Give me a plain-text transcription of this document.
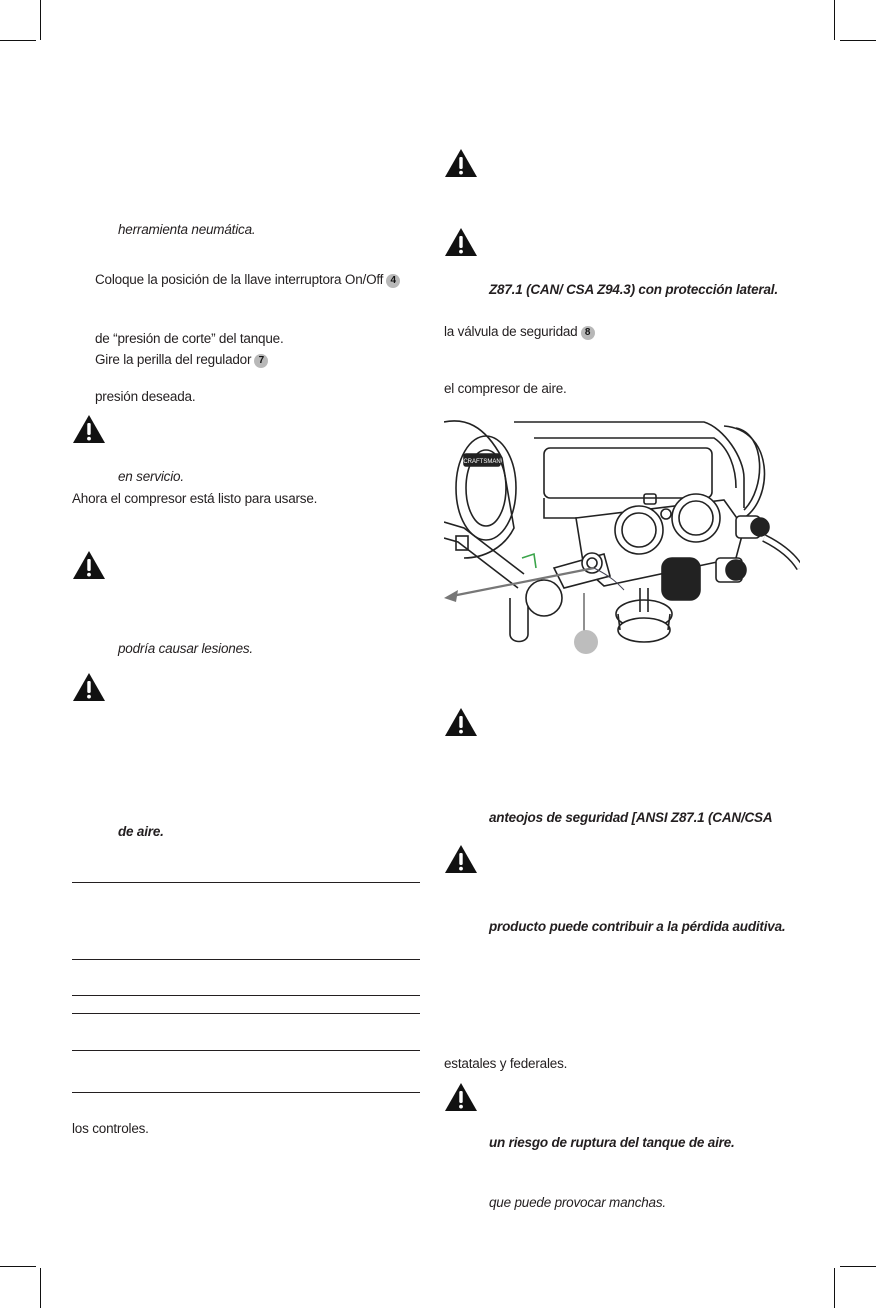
herramienta neumática.
Coloque la posición de la llave interruptora On/Off 4
de “presión de corte” del tanque.
Gire la perilla del regulador 7
presión deseada.
en servicio.
Ahora el compresor está listo para usarse.
podría causar lesiones.
de aire.
los controles.
Z87.1 (CAN/ CSA Z94.3) con protección lateral.
la válvula de seguridad 8
el compresor de aire.
CRAFTSMAN
anteojos de seguridad [ANSI Z87.1 (CAN/CSA
producto puede contribuir a la pérdida auditiva.
estatales y federales.
un riesgo de ruptura del tanque de aire.
que puede provocar manchas.
